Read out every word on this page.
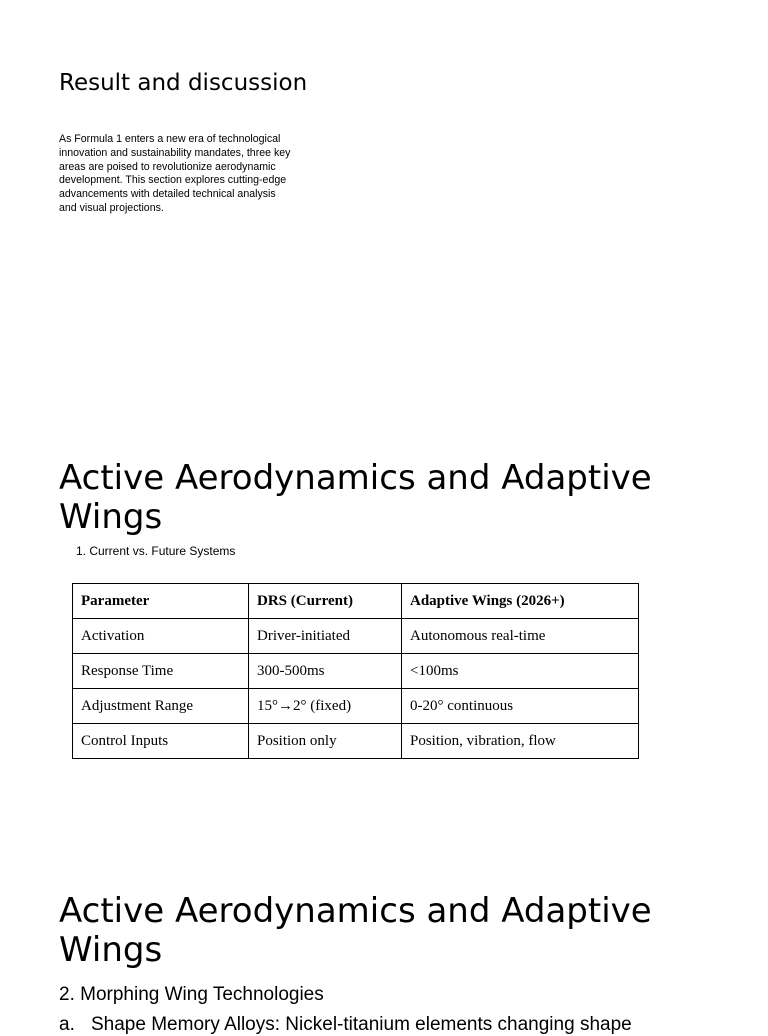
Result and discussion

As Formula 1 enters a new era of technological innovation and sustainability mandates, three key areas are poised to revolutionize aerodynamic development. This section explores cutting-edge advancements with detailed technical analysis and visual projections.

Active Aerodynamics and Adaptive Wings

1. Current vs. Future Systems

Parameter	DRS (Current)	Adaptive Wings (2026+)
Activation	Driver-initiated	Autonomous real-time
Response Time	300-500ms	<100ms
Adjustment Range	15°→2° (fixed)	0-20° continuous
Control Inputs	Position only	Position, vibration, flow
Active Aerodynamics and Adaptive Wings

2. Morphing Wing Technologies

a. Shape Memory Alloys: Nickel-titanium elements changing shape
